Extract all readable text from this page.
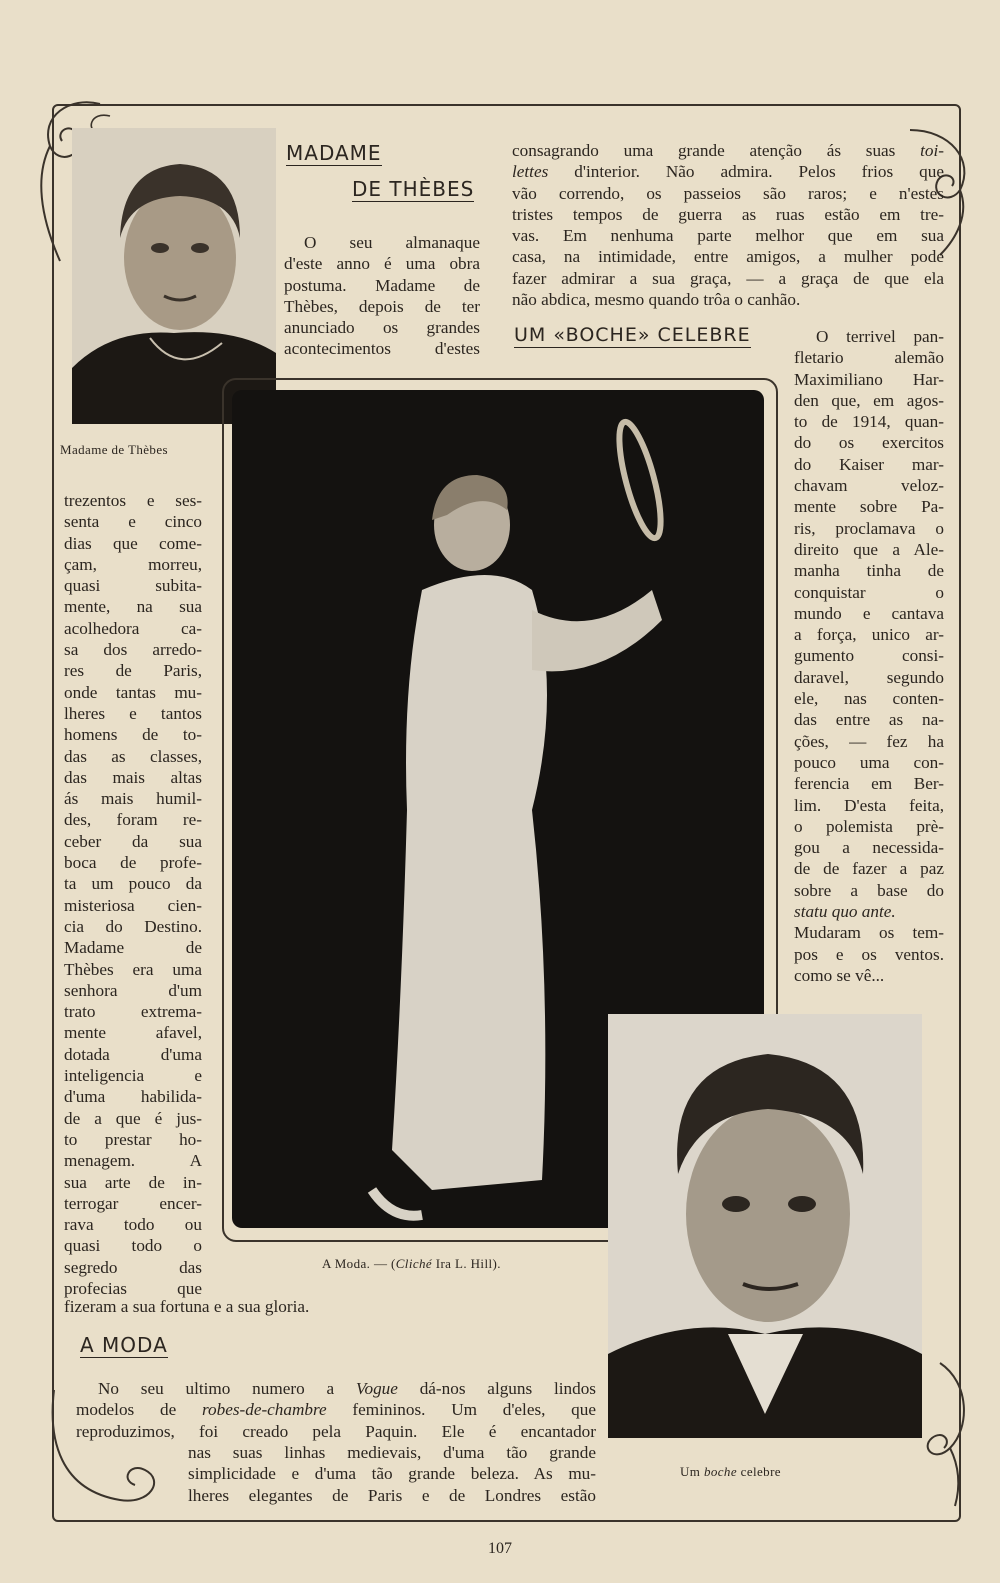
Madame de Thèbes
MADAME
DE THÈBES
O seu almanaque
d'este anno é uma obra
postuma. Madame de
Thèbes, depois de ter
anunciado os grandes
acontecimentos d'estes
trezentos e ses-
senta e cinco
dias que come-
çam, morreu,
quasi subita-
mente, na sua
acolhedora ca-
sa dos arredo-
res de Paris,
onde tantas mu-
lheres e tantos
homens de to-
das as classes,
das mais altas
ás mais humil-
des, foram re-
ceber da sua
boca de profe-
ta um pouco da
misteriosa cien-
cia do Destino.
Madame de
Thèbes era uma
senhora d'um
trato extrema-
mente afavel,
dotada d'uma
inteligencia e
d'uma habilida-
de a que é jus-
to prestar ho-
menagem. A
sua arte de in-
terrogar encer-
rava todo ou
quasi todo o
segredo das
profecias que
fizeram a sua fortuna e a sua gloria.
consagrando uma grande atenção ás suas toi-
lettes d'interior. Não admira. Pelos frios que
vão correndo, os passeios são raros; e n'estes
tristes tempos de guerra as ruas estão em tre-
vas. Em nenhuma parte melhor que em sua
casa, na intimidade, entre amigos, a mulher pode
fazer admirar a sua graça, — a graça de que ela
não abdica, mesmo quando trôa o canhão.
UM «BOCHE» CELEBRE	O terrivel pan-
fletario alemão
Maximiliano Har-
den que, em agos-
to de 1914, quan-
do os exercitos
do Kaiser mar-
chavam veloz-
mente sobre Pa-
ris, proclamava o
direito que a Ale-
manha tinha de
conquistar o
mundo e cantava
a força, unico ar-
gumento consi-
daravel, segundo
ele, nas conten-
das entre as na-
ções, — fez ha
pouco uma con-
ferencia em Ber-
lim. D'esta feita,
o polemista prè-
gou a necessida-
de de fazer a paz
sobre a base do
statu quo ante.
Mudaram os tem-
pos e os ventos.
como se vê...
A Moda. — (Cliché Ira L. Hill).
Um boche celebre
A MODA
No seu ultimo numero a Vogue dá-nos alguns lindos
modelos de robes-de-chambre femininos. Um d'eles, que
reproduzimos, foi creado pela Paquin. Ele é encantador
nas suas linhas medievais, d'uma tão grande
simplicidade e d'uma tão grande beleza. As mu-
lheres elegantes de Paris e de Londres estão
107
